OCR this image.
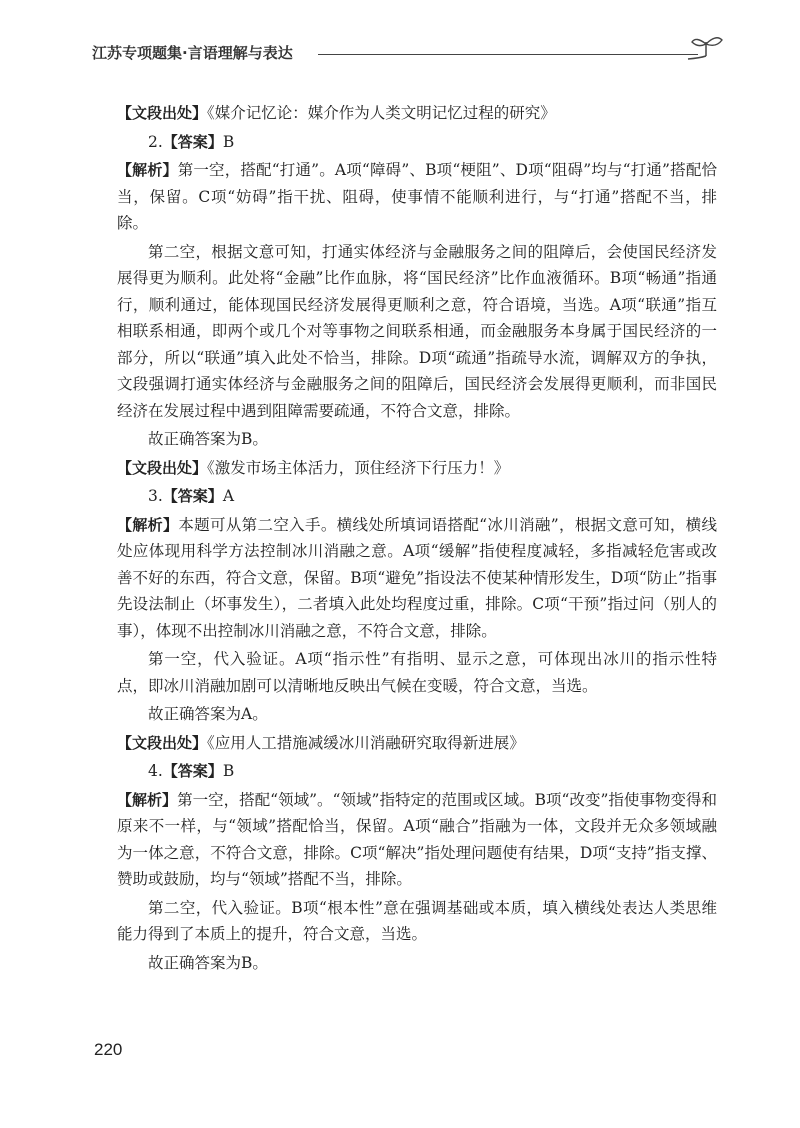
江苏专项题集·言语理解与表达

【文段出处】《媒介记忆论：媒介作为人类文明记忆过程的研究》

2.【答案】B

【解析】第一空，搭配“打通”。A项“障碍”、B项“梗阻”、D项“阻碍”均与“打通”搭配恰当，保留。C项“妨碍”指干扰、阻碍，使事情不能顺利进行，与“打通”搭配不当，排除。

第二空，根据文意可知，打通实体经济与金融服务之间的阻障后，会使国民经济发展得更为顺利。此处将“金融”比作血脉，将“国民经济”比作血液循环。B项“畅通”指通行，顺利通过，能体现国民经济发展得更顺利之意，符合语境，当选。A项“联通”指互相联系相通，即两个或几个对等事物之间联系相通，而金融服务本身属于国民经济的一部分，所以“联通”填入此处不恰当，排除。D项“疏通”指疏导水流，调解双方的争执，文段强调打通实体经济与金融服务之间的阻障后，国民经济会发展得更顺利，而非国民经济在发展过程中遇到阻障需要疏通，不符合文意，排除。

故正确答案为B。

【文段出处】《激发市场主体活力，顶住经济下行压力！》

3.【答案】A

【解析】本题可从第二空入手。横线处所填词语搭配“冰川消融”，根据文意可知，横线处应体现用科学方法控制冰川消融之意。A项“缓解”指使程度减轻，多指减轻危害或改善不好的东西，符合文意，保留。B项“避免”指设法不使某种情形发生，D项“防止”指事先设法制止（坏事发生），二者填入此处均程度过重，排除。C项“干预”指过问（别人的事），体现不出控制冰川消融之意，不符合文意，排除。

第一空，代入验证。A项“指示性”有指明、显示之意，可体现出冰川的指示性特点，即冰川消融加剧可以清晰地反映出气候在变暖，符合文意，当选。

故正确答案为A。

【文段出处】《应用人工措施减缓冰川消融研究取得新进展》

4.【答案】B

【解析】第一空，搭配“领域”。“领域”指特定的范围或区域。B项“改变”指使事物变得和原来不一样，与“领域”搭配恰当，保留。A项“融合”指融为一体，文段并无众多领域融为一体之意，不符合文意，排除。C项“解决”指处理问题使有结果，D项“支持”指支撑、赞助或鼓励，均与“领域”搭配不当，排除。

第二空，代入验证。B项“根本性”意在强调基础或本质，填入横线处表达人类思维能力得到了本质上的提升，符合文意，当选。

故正确答案为B。

220
